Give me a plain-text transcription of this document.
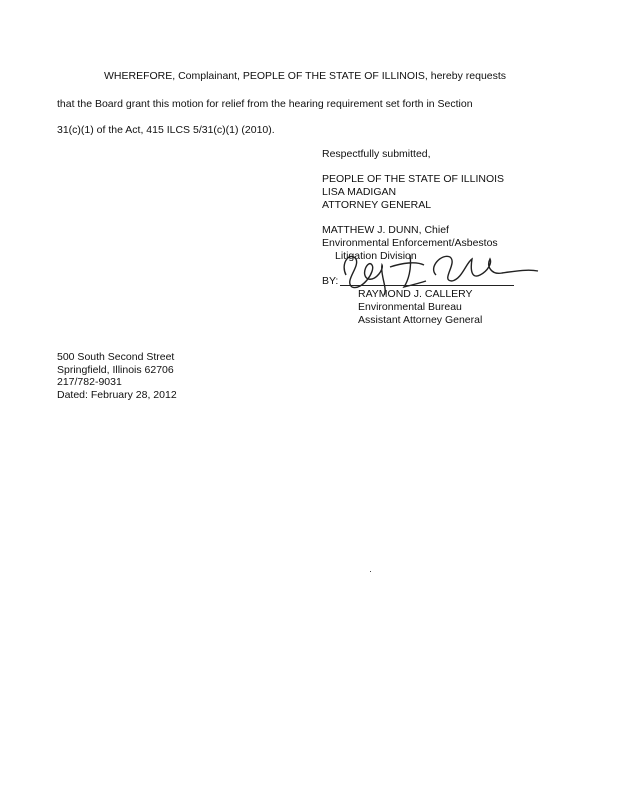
WHEREFORE, Complainant, PEOPLE OF THE STATE OF ILLINOIS, hereby requests
that the Board grant this motion for relief from the hearing requirement set forth in Section
31(c)(1) of the Act, 415 ILCS 5/31(c)(1) (2010).
Respectfully submitted,
PEOPLE OF THE STATE OF ILLINOIS
LISA MADIGAN
ATTORNEY GENERAL
MATTHEW J. DUNN, Chief
Environmental Enforcement/Asbestos
Litigation Division
BY:
RAYMOND J. CALLERY
Environmental Bureau
Assistant Attorney General
500 South Second Street
Springfield, Illinois 62706
217/782-9031
Dated: February 28, 2012
